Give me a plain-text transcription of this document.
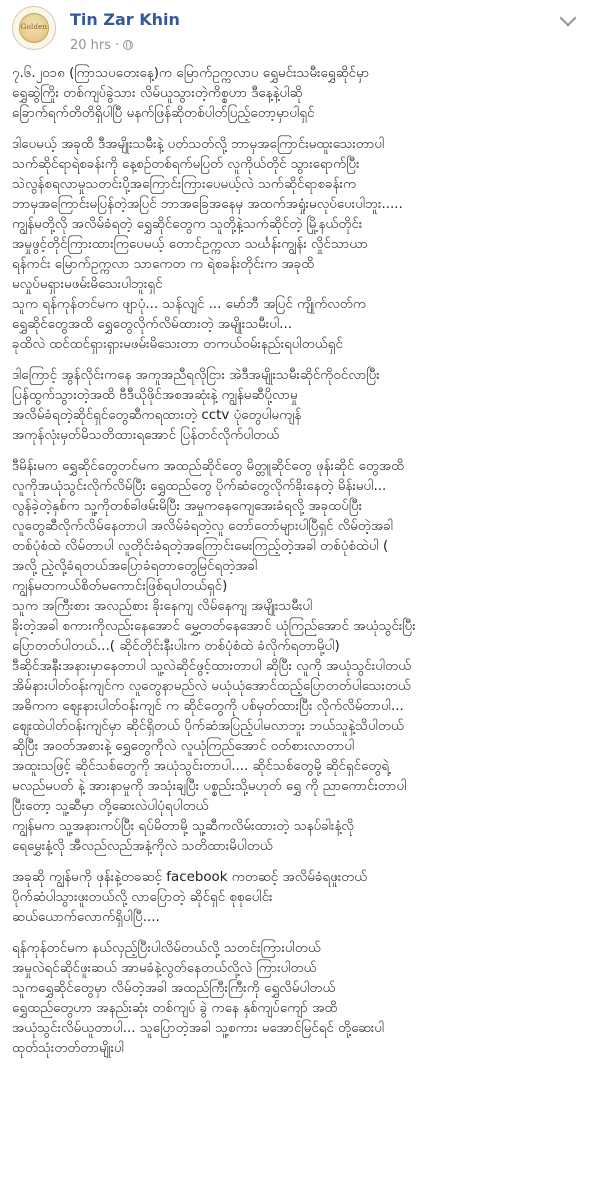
Golden Tin Zar Khin
20 hrs ·
၇.၆.၂၀၁၈ (ကြာသပတေးနေ့)က မြောက်ဥက္ကလာပ ရွှေမင်းသမီးရွှေဆိုင်မှာ
ရွှေဆွဲကြိုး တစ်ကျပ်ခွဲသား လိမ်ယူသွားတဲ့ကိစ္စဟာ ဒီနေ့နဲ့ပါဆို
ခြောက်ရက်တိတိရှိပါပြီ မနက်ဖြန်ဆိုတစ်ပါတ်ပြည့်တော့မှာပါရှင်
ဒါပေမယ့် အခုထိ ဒီအမျိုးသမီးနဲ့ ပတ်သတ်လို့ ဘာမှအကြောင်းမထူးသေးတာပါ
သက်ဆိုင်ရာရဲစခန်းကို နေ့စဉ်တစ်ရက်မပြတ် လူကိုယ်တိုင် သွားရောက်ပြီး
သဲလွန်စရလာမှုသတင်းပို့အကြောင်းကြားပေမယ့်လဲ သက်ဆိုင်ရာစခန်းက
ဘာမှအကြောင်းမပြန်တဲ့အပြင် ဘာအခြေအနေမှ အထက်အရှုံးမလုပ်ပေးပါဘူး.....
ကျွန်မတို့လို အလိမ်ခံရတဲ့ ရွှေဆိုင်တွေက သူတို့နဲ့သက်ဆိုင်တဲ့ မြို့နယ်တိုင်း
အမှုဖွင့်တိုင်ကြားထားကြပေမယ့် တောင်ဥက္ကလာ သင်္ဃန်းကျွန်း လှိုင်သာယာ
ရန်ကင်း မြောက်ဥက္ကလာ သာကေတ က ရဲစခန်းတိုင်းက အခုထိ
မလှုပ်မရှားမဖမ်းမိသေးပါဘူးရှင်
သူက ရန်ကုန်တင်မက ဖျာပုံ... သန်လျင် ... မော်ဘီ အပြင် ကျိုက်လတ်က
ရွှေဆိုင်တွေအထိ ရွှေတွေလိုက်လိမ်ထားတဲ့ အမျိုးသမီးပါ...
ခုထိလဲ ထင်ထင်ရှားရှားမဖမ်းမိသေးတာ တကယ်ဝမ်းနည်းရပါတယ်ရှင်
ဒါကြောင့် အွန်လိုင်းကနေ အကူအညီရလိုငြား အဲဒီအမျိုးသမီးဆိုင်ကိုဝင်လာပြီး
ပြန်ထွက်သွားတဲ့အထိ ဗီဒီယိုဖိုင်အစအဆုံးနဲ့ ကျွန်မဆီပို့လာမှု
အလိမ်ခံရတဲ့ဆိုင်ရှင်တွေဆီကရထားတဲ့ cctv ပုံတွေပါမကျန်
အကုန်လုံးမှတ်မိသတိထားရအောင် ပြန်တင်လိုက်ပါတယ်
ဒီမိန်းမက ရွှေဆိုင်တွေတင်မက အထည်ဆိုင်တွေ မိတ္တူဆိုင်တွေ ဖုန်းဆိုင် တွေအထိ
လူကိုအယုံသွင်းလိုက်လိမ်ပြီး ရွှေထည်တွေ ပိုက်ဆံတွေလိုက်ခိုးနေတဲ့ မိန်းမပါ...
လွန်ခဲ့တဲ့နှစ်က သူ့ကိုတစ်ခါဖမ်းမိပြီး အမှုကနေကျေအေးခံရလို့ အခုထပ်ပြီး
လူတွေဆီလိုက်လိမ်နေတာပါ အလိမ်ခံရတဲ့လူ တော်တော်များပါပြီရှင် လိမ်တဲ့အခါ
တစ်ပုံစံထဲ လိမ်တာပါ လူတိုင်းခံရတဲ့အကြောင်းမေးကြည့်တဲ့အခါ တစ်ပုံစံထဲပါ (
အလို့ ညဲ့လို့ခံရတယ်အပြောခံရတာတွေမြင်ရတဲ့အခါ
ကျွန်မတကယ်စိတ်မကောင်းဖြစ်ရပါတယ်ရှင်)
သူက အကြီးစား အလည်စား ခိုးနေကျ လိမ်နေကျ အမျိုးသမီးပါ
ခိုးတဲ့အခါ စကားကိုလည်းနေအောင် မွှေ့တတ်နေအောင် ယုံကြည်အောင် အယုံသွင်းပြီး
ပြောတတ်ပါတယ်...( ဆိုင်တိုင်းနီးပါးက တစ်ပုံစံထဲ ခံလိုက်ရတာမို့ပါ)
ဒီဆိုင်အနီးအနားမှာနေတာပါ သူ့လဲဆိုင်ဖွင့်ထားတာပါ ဆိုပြီး လူကို အယုံသွင်းပါတယ်
အိမ်နားပါတ်ဝန်းကျင်က လူတွေနာမည်လဲ မယုံယုံအောင်ထည့်ပြောတတ်ပါသေးတယ်
အဓိကက ဈေးနားပါတ်ဝန်းကျင် က ဆိုင်တွေကို ပစ်မှတ်ထားပြီး လိုက်လိမ်တာပါ...
ဈေးထဲပါတ်ဝန်းကျင်မှာ ဆိုင်ရှိတယ် ပိုက်ဆံအပြည့်ပါမလာဘူး ဘယ်သူနဲ့သိပါတယ်
ဆိုပြီး အဝတ်အစားနဲ့ ရွှေတွေကိုလဲ လူယုံကြည်အောင် ဝတ်စားလာတာပါ
အထူးသဖြင့် ဆိုင်သစ်တွေကို အယုံသွင်းတာပါ.... ဆိုင်သစ်တွေမို့ ဆိုင်ရှင်တွေရဲ့
မလည်မပတ် နဲ့ အားနာမှုကို အသုံးချပြီး ပစ္စည်းသို့မဟုတ် ရွှေ ကို ညာကောင်းတာပါ
ပြီးတော့ သူ့ဆီမှာ တို့ဆေးလဲပါပုံရပါတယ်
ကျွန်မက သူ့အနားကပ်ပြီး ရပ်မိတာမို့ သူ့ဆီကလိမ်းထားတဲ့ သနပ်ခါးနံ့လို
ရေမွှေးနံ့လို အီလည်လည်အနံ့ကိုလဲ သတိထားမိပါတယ်
အခုဆို ကျွန်မကို ဖုန်းနဲ့တခဆင့် facebook ကတဆင့် အလိမ်ခံရဖူးတယ်
ပိုက်ဆံပါသွားဖူးတယ်လို့ လာပြောတဲ့ ဆိုင်ရှင် စုစုပေါင်း
ဆယ်ယောက်လောက်ရှိပါပြီ....
ရန်ကုန်တင်မက နယ်လှည့်ပြီးပါလိမ်တယ်လို့ သတင်းကြားပါတယ်
အမှုလဲရင်ဆိုင်ဖူးဆယ် အာမခံနဲ့လွတ်နေတယ်လို့လဲ ကြားပါတယ်
သူကရွှေဆိုင်တွေမှာ လိမ်တဲ့အခါ အထည်ကြီးကြီးကို ရွှေလိမ်ပါတယ်
ရွှေထည်တွေဟာ အနည်းဆုံး တစ်ကျပ် ခွဲ ကနေ နှစ်ကျပ်ကျော် အထိ
အယုံသွင်းလိမ်ယူတာပါ... သူပြောတဲ့အခါ သူ့စကား မအောင်မြင်ရင် တို့ဆေးပါ
ထုတ်သုံးတတ်တာမျိုးပါ
